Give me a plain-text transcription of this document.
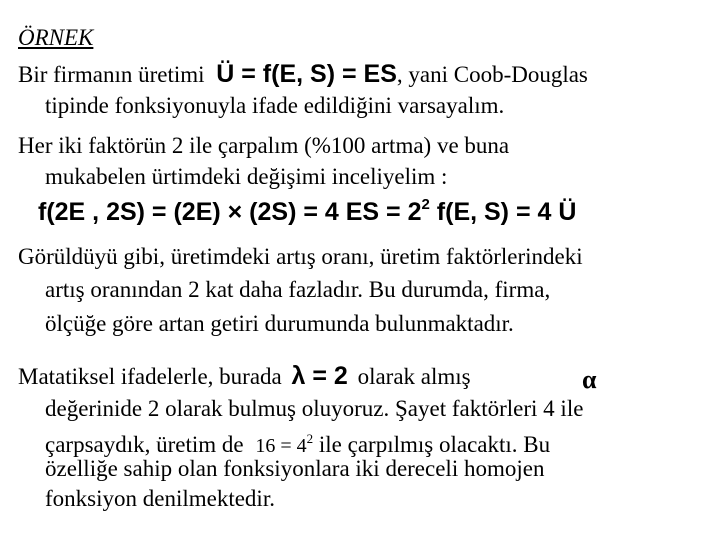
ÖRNEK
Bir firmanın üretimi Ü = f(E, S) = ES, yani Coob-Douglas
tipinde fonksiyonuyla ifade edildiğini varsayalım.
Her iki faktörün 2 ile çarpalım (%100 artma) ve buna
mukabelen ürtimdeki değişimi inceliyelim :
f(2E , 2S) = (2E) × (2S) = 4 ES = $2^2$ f(E, S) = 4 Ü
Görüldüyü gibi, üretimdeki artış oranı, üretim faktörlerindeki
artış oranından 2 kat daha fazladır. Bu durumda, firma,
ölçüğe göre artan getiri durumunda bulunmaktadır.
Matatiksel ifadelerle, burada λ = 2 olarak almış	α
değerinide 2 olarak bulmuş oluyoruz. Şayet faktörleri 4 ile
çarpsaydık, üretim de $16 = 4^2$ ile çarpılmış olacaktı. Bu
özelliğe sahip olan fonksiyonlara iki dereceli homojen
fonksiyon denilmektedir.
